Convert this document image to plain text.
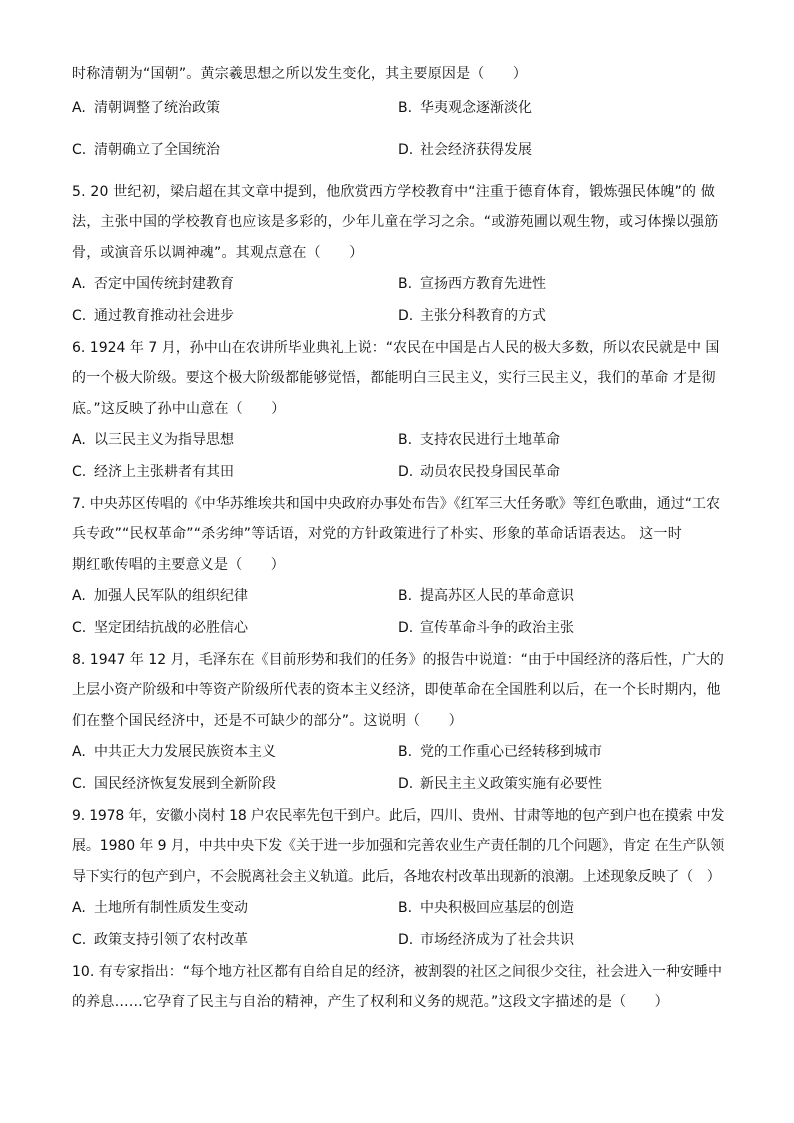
时称清朝为“国朝”。黄宗羲思想之所以发生变化，其主要原因是（　　）
A. 清朝调整了统治政策	B. 华夷观念逐渐淡化
C. 清朝确立了全国统治	D. 社会经济获得发展
5. 20 世纪初，梁启超在其文章中提到，他欣赏西方学校教育中“注重于德育体育，锻炼强民体魄”的 做
法，主张中国的学校教育也应该是多彩的，少年儿童在学习之余。“或游苑圃以观生物，或习体操以强筋
骨，或演音乐以调神魂”。其观点意在（　　）
A. 否定中国传统封建教育	B. 宣扬西方教育先进性
C. 通过教育推动社会进步	D. 主张分科教育的方式
6. 1924 年 7 月，孙中山在农讲所毕业典礼上说：“农民在中国是占人民的极大多数，所以农民就是中 国
的一个极大阶级。要这个极大阶级都能够觉悟，都能明白三民主义，实行三民主义，我们的革命 才是彻
底。”这反映了孙中山意在（　　）
A. 以三民主义为指导思想	B. 支持农民进行土地革命
C. 经济上主张耕者有其田	D. 动员农民投身国民革命
7. 中央苏区传唱的《中华苏维埃共和国中央政府办事处布告》《红军三大任务歌》等红色歌曲，通过“工农
兵专政”“民权革命”“杀劣绅”等话语，对党的方针政策进行了朴实、形象的革命话语表达。 这一时
期红歌传唱的主要意义是（　　）
A. 加强人民军队的组织纪律	B. 提高苏区人民的革命意识
C. 坚定团结抗战的必胜信心	D. 宣传革命斗争的政治主张
8. 1947 年 12 月，毛泽东在《目前形势和我们的任务》的报告中说道：“由于中国经济的落后性，广大的
上层小资产阶级和中等资产阶级所代表的资本主义经济，即使革命在全国胜利以后，在一个长时期内，他
们在整个国民经济中，还是不可缺少的部分”。这说明（　　）
A. 中共正大力发展民族资本主义	B. 党的工作重心已经转移到城市
C. 国民经济恢复发展到全新阶段	D. 新民主主义政策实施有必要性
9. 1978 年，安徽小岗村 18 户农民率先包干到户。此后，四川、贵州、甘肃等地的包产到户也在摸索 中发
展。1980 年 9 月，中共中央下发《关于进一步加强和完善农业生产责任制的几个问题》，肯定 在生产队领
导下实行的包产到户，不会脱离社会主义轨道。此后，各地农村改革出现新的浪潮。上述现象反映了（　）
A. 土地所有制性质发生变动	B. 中央积极回应基层的创造
C. 政策支持引领了农村改革	D. 市场经济成为了社会共识
10. 有专家指出：“每个地方社区都有自给自足的经济，被割裂的社区之间很少交往，社会进入一种安睡中
的养息……它孕育了民主与自治的精神，产生了权利和义务的规范。”这段文字描述的是（　　）
